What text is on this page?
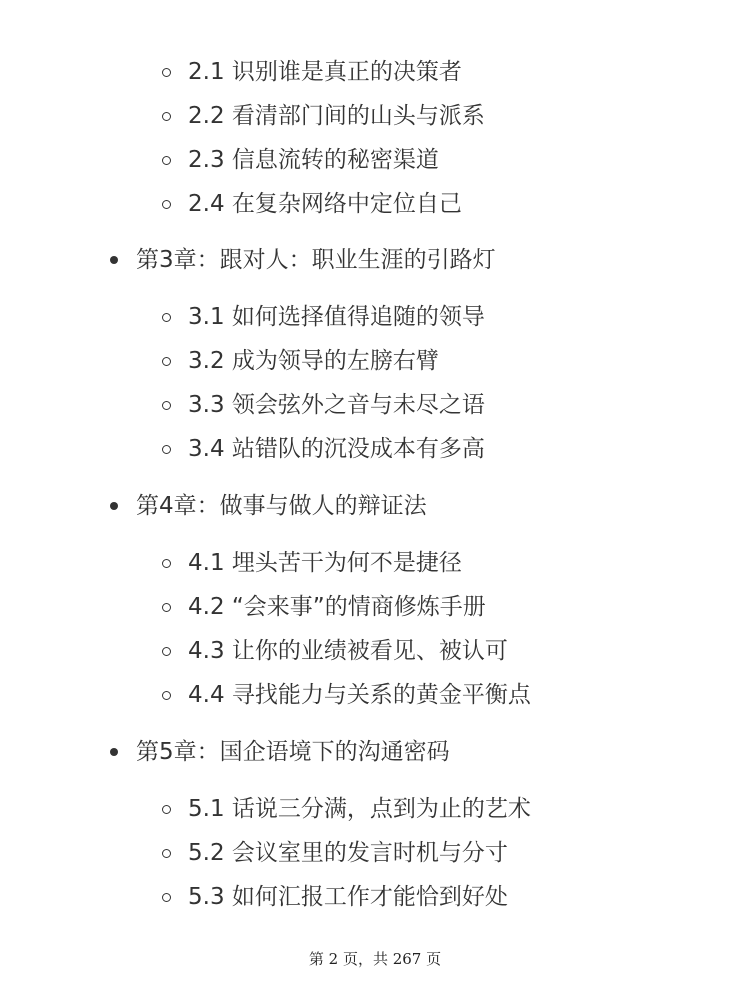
2.1 识别谁是真正的决策者
2.2 看清部门间的山头与派系
2.3 信息流转的秘密渠道
2.4 在复杂网络中定位自己
第3章：跟对人：职业生涯的引路灯
3.1 如何选择值得追随的领导
3.2 成为领导的左膀右臂
3.3 领会弦外之音与未尽之语
3.4 站错队的沉没成本有多高
第4章：做事与做人的辩证法
4.1 埋头苦干为何不是捷径
4.2 “会来事”的情商修炼手册
4.3 让你的业绩被看见、被认可
4.4 寻找能力与关系的黄金平衡点
第5章：国企语境下的沟通密码
5.1 话说三分满，点到为止的艺术
5.2 会议室里的发言时机与分寸
5.3 如何汇报工作才能恰到好处
第 2 页，共 267 页
